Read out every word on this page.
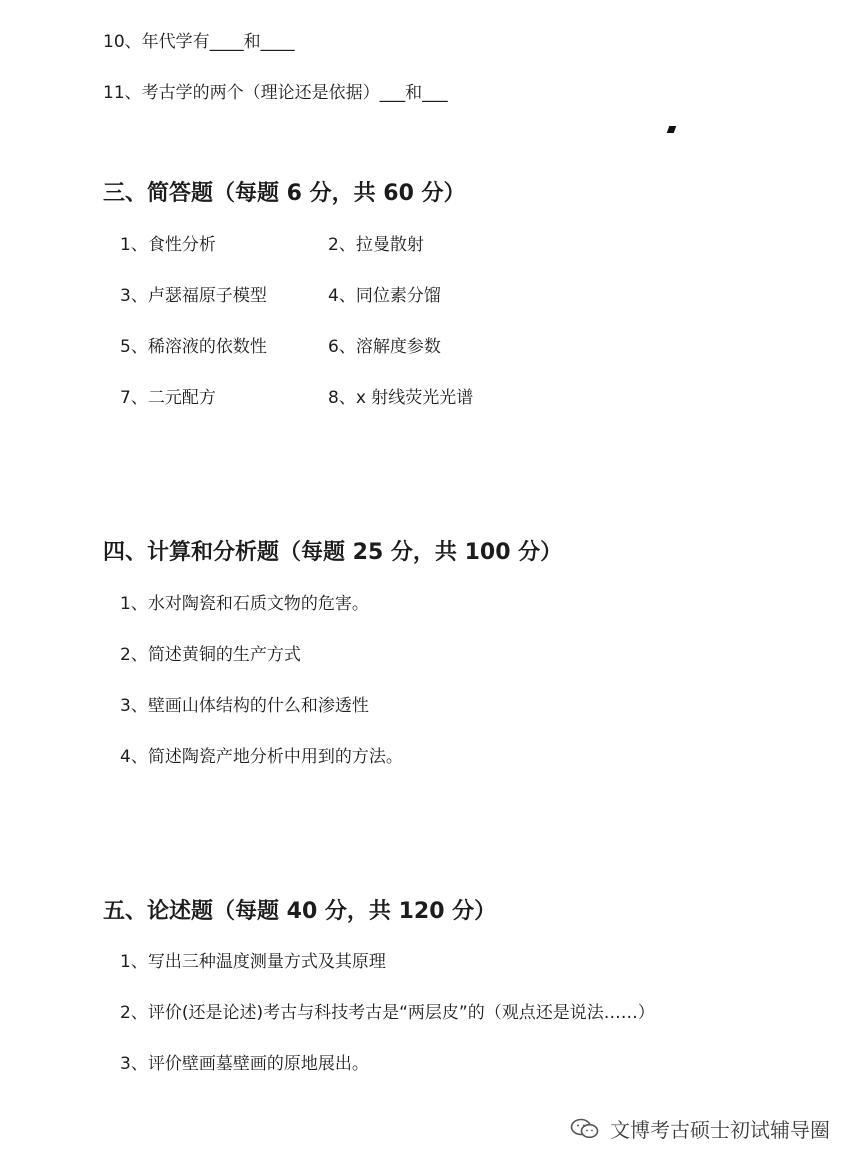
10、年代学有____和____
11、考古学的两个（理论还是依据）___和___
三、简答题（每题 6 分，共 60 分）
1、食性分析	2、拉曼散射
3、卢瑟福原子模型	4、同位素分馏
5、稀溶液的依数性	6、溶解度参数
7、二元配方	8、x 射线荧光光谱
四、计算和分析题（每题 25 分，共 100 分）
1、水对陶瓷和石质文物的危害。
2、简述黄铜的生产方式
3、壁画山体结构的什么和渗透性
4、简述陶瓷产地分析中用到的方法。
五、论述题（每题 40 分，共 120 分）
1、写出三种温度测量方式及其原理
2、评价(还是论述)考古与科技考古是“两层皮”的（观点还是说法……）
3、评价壁画墓壁画的原地展出。
文博考古硕士初试辅导圈
